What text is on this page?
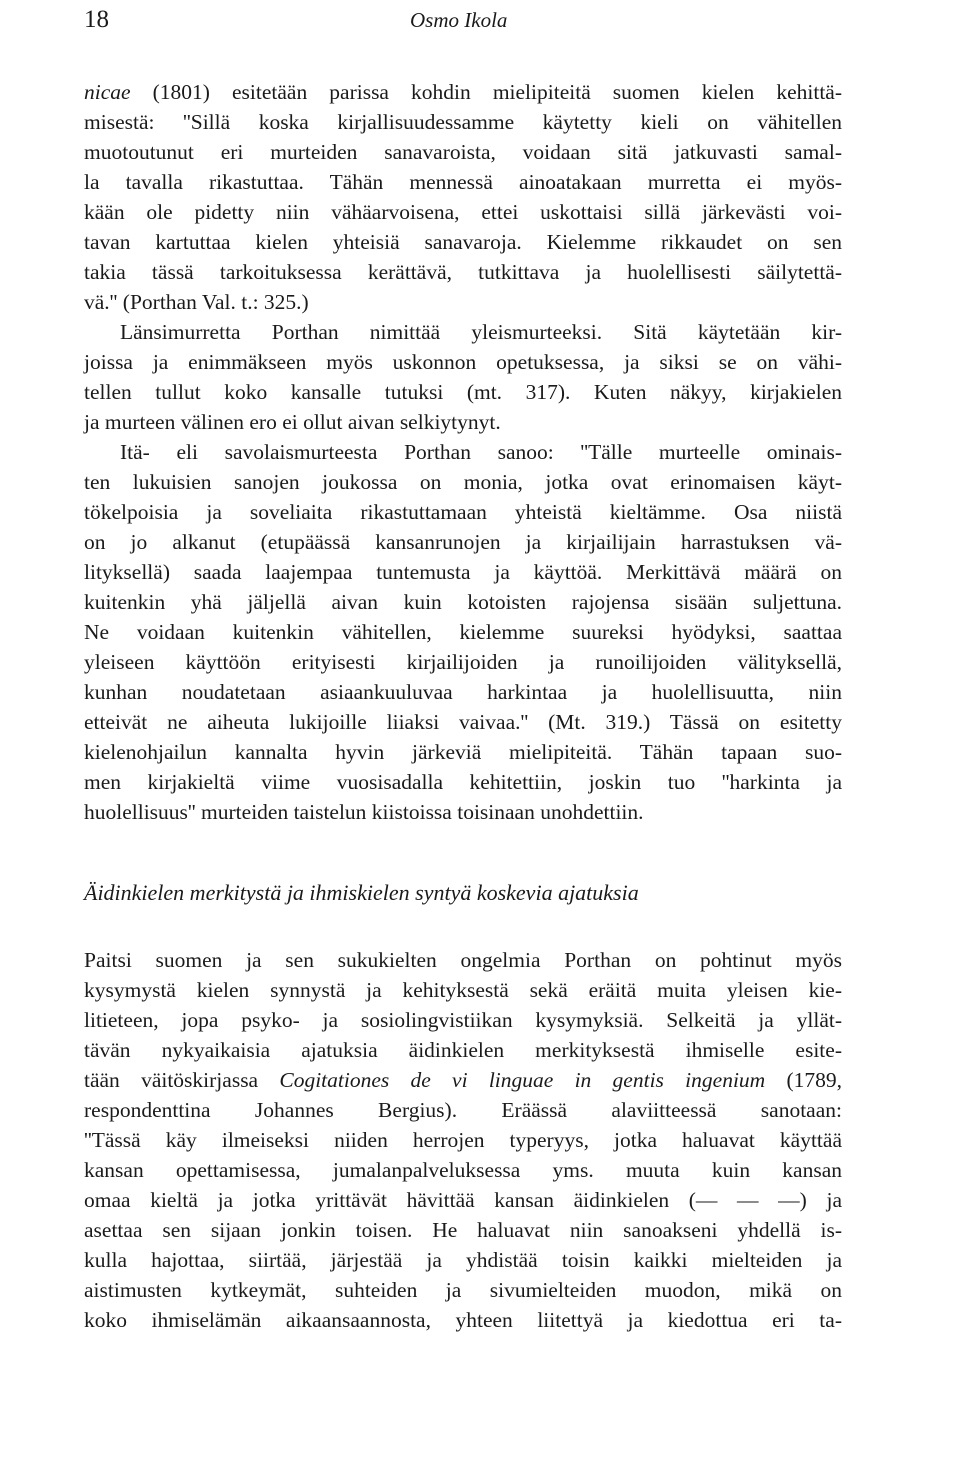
18	Osmo Ikola
nicae (1801) esitetään parissa kohdin mielipiteitä suomen kielen kehittä-
misestä: ''Sillä koska kirjallisuudessamme käytetty kieli on vähitellen
muotoutunut eri murteiden sanavaroista, voidaan sitä jatkuvasti samal-
la tavalla rikastuttaa. Tähän mennessä ainoatakaan murretta ei myös-
kään ole pidetty niin vähäarvoisena, ettei uskottaisi sillä järkevästi voi-
tavan kartuttaa kielen yhteisiä sanavaroja. Kielemme rikkaudet on sen
takia tässä tarkoituksessa kerättävä, tutkittava ja huolellisesti säilytettä-
vä.'' (Porthan Val. t.: 325.)
Länsimurretta Porthan nimittää yleismurteeksi. Sitä käytetään kir-
joissa ja enimmäkseen myös uskonnon opetuksessa, ja siksi se on vähi-
tellen tullut koko kansalle tutuksi (mt. 317). Kuten näkyy, kirjakielen
ja murteen välinen ero ei ollut aivan selkiytynyt.
Itä- eli savolaismurteesta Porthan sanoo: ''Tälle murteelle ominais-
ten lukuisien sanojen joukossa on monia, jotka ovat erinomaisen käyt-
tökelpoisia ja soveliaita rikastuttamaan yhteistä kieltämme. Osa niistä
on jo alkanut (etupäässä kansanrunojen ja kirjailijain harrastuksen vä-
lityksellä) saada laajempaa tuntemusta ja käyttöä. Merkittävä määrä on
kuitenkin yhä jäljellä aivan kuin kotoisten rajojensa sisään suljettuna.
Ne voidaan kuitenkin vähitellen, kielemme suureksi hyödyksi, saattaa
yleiseen käyttöön erityisesti kirjailijoiden ja runoilijoiden välityksellä,
kunhan noudatetaan asiaankuuluvaa harkintaa ja huolellisuutta, niin
etteivät ne aiheuta lukijoille liiaksi vaivaa.'' (Mt. 319.) Tässä on esitetty
kielenohjailun kannalta hyvin järkeviä mielipiteitä. Tähän tapaan suo-
men kirjakieltä viime vuosisadalla kehitettiin, joskin tuo ''harkinta ja
huolellisuus'' murteiden taistelun kiistoissa toisinaan unohdettiin.
Äidinkielen merkitystä ja ihmiskielen syntyä koskevia ajatuksia
Paitsi suomen ja sen sukukielten ongelmia Porthan on pohtinut myös
kysymystä kielen synnystä ja kehityksestä sekä eräitä muita yleisen kie-
litieteen, jopa psyko- ja sosiolingvistiikan kysymyksiä. Selkeitä ja yllät-
tävän nykyaikaisia ajatuksia äidinkielen merkityksestä ihmiselle esite-
tään väitöskirjassa Cogitationes de vi linguae in gentis ingenium (1789,
respondenttina Johannes Bergius). Eräässä alaviitteessä sanotaan:
''Tässä käy ilmeiseksi niiden herrojen typeryys, jotka haluavat käyttää
kansan opettamisessa, jumalanpalveluksessa yms. muuta kuin kansan
omaa kieltä ja jotka yrittävät hävittää kansan äidinkielen (— — —) ja
asettaa sen sijaan jonkin toisen. He haluavat niin sanoakseni yhdellä is-
kulla hajottaa, siirtää, järjestää ja yhdistää toisin kaikki mielteiden ja
aistimusten kytkeymät, suhteiden ja sivumielteiden muodon, mikä on
koko ihmiselämän aikaansaannosta, yhteen liitettyä ja kiedottua eri ta-
